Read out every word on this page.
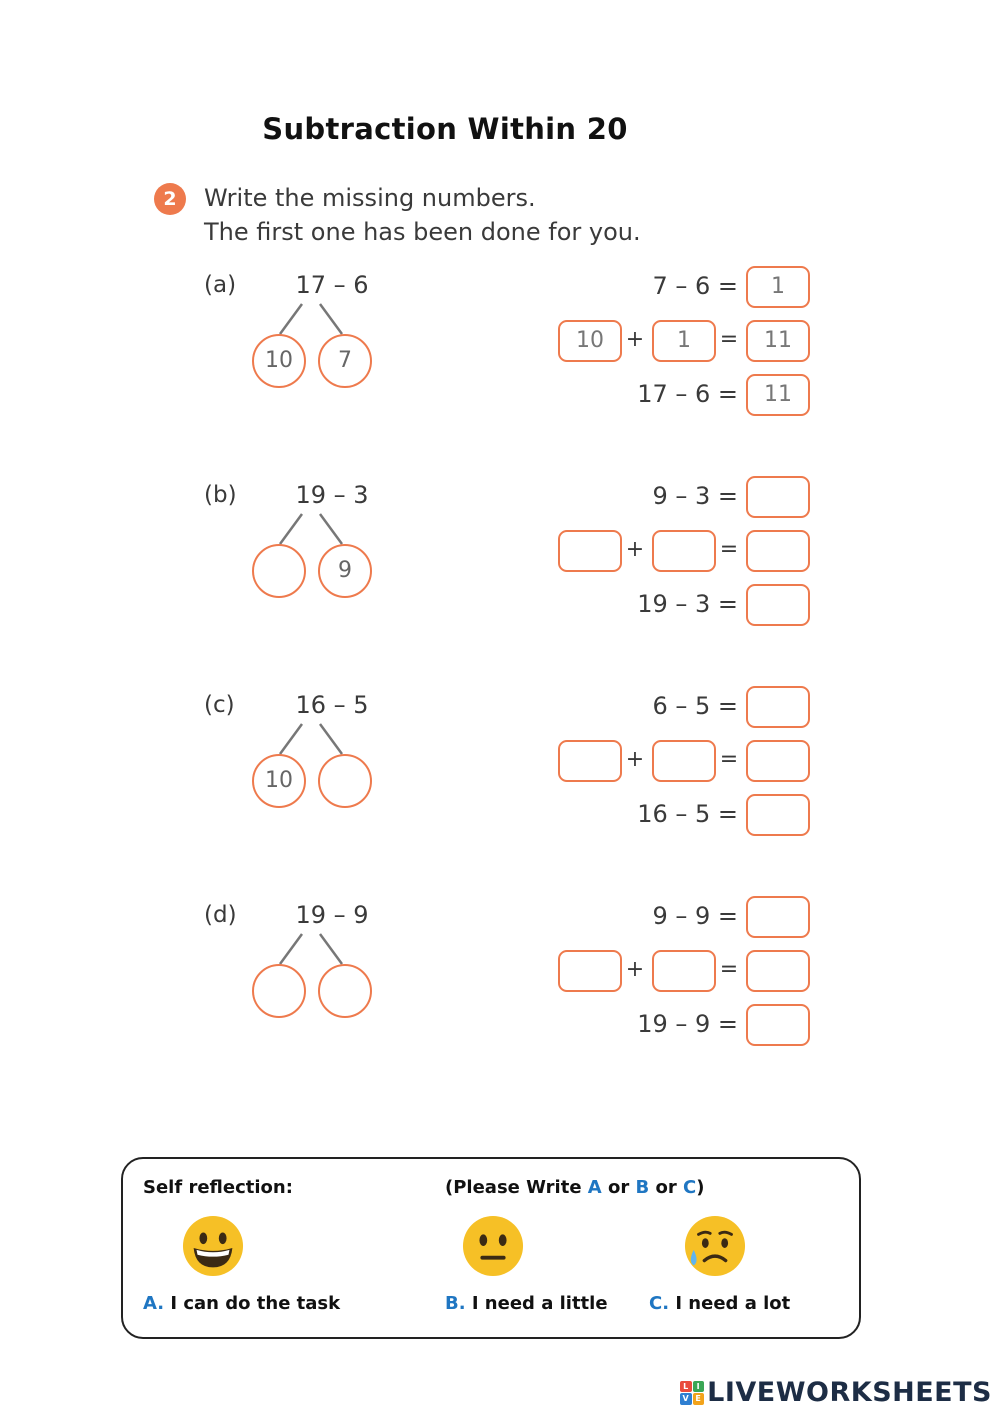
Subtraction Within 20
2	Write the missing numbers.
The first one has been done for you.
(a)	17 – 6
10	7
7 – 6 =	1
10 +	1	=	11
17 – 6 =	11
(b)	19 – 3
9
9 – 3 =
+	=
19 – 3 =
(c)	16 – 5
10
6 – 5 =
+	=
16 – 5 =
(d)	19 – 9	9 – 9 =
+	=
19 – 9 =
Self reflection:	(Please Write A or B or C)
A. I can do the task	B. I need a little C. I need a lot
L I
V E LIVEWORKSHEETS
